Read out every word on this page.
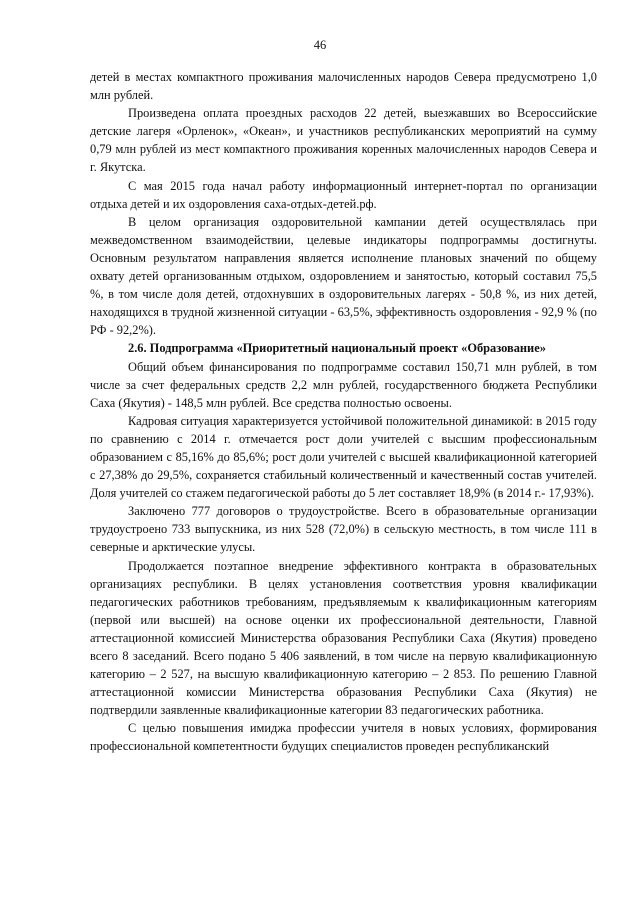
46

детей в местах компактного проживания малочисленных народов Севера предусмотрено 1,0 млн рублей.

Произведена оплата проездных расходов 22 детей, выезжавших во Всероссийские детские лагеря «Орленок», «Океан», и участников республиканских мероприятий на сумму 0,79 млн рублей из мест компактного проживания коренных малочисленных народов Севера и г. Якутска.

С мая 2015 года начал работу информационный интернет-портал по организации отдыха детей и их оздоровления саха-отдых-детей.рф.

В целом организация оздоровительной кампании детей осуществлялась при межведомственном взаимодействии, целевые индикаторы подпрограммы достигнуты. Основным результатом направления является исполнение плановых значений по общему охвату детей организованным отдыхом, оздоровлением и занятостью, который составил 75,5 %, в том числе доля детей, отдохнувших в оздоровительных лагерях - 50,8 %, из них детей, находящихся в трудной жизненной ситуации - 63,5%, эффективность оздоровления - 92,9 % (по РФ - 92,2%).

2.6. Подпрограмма «Приоритетный национальный проект «Образование»

Общий объем финансирования по подпрограмме составил 150,71 млн рублей, в том числе за счет федеральных средств 2,2 млн рублей, государственного бюджета Республики Саха (Якутия) - 148,5 млн рублей. Все средства полностью освоены.

Кадровая ситуация характеризуется устойчивой положительной динамикой: в 2015 году по сравнению с 2014 г. отмечается рост доли учителей с высшим профессиональным образованием с 85,16% до 85,6%; рост доли учителей с высшей квалификационной категорией с 27,38% до 29,5%, сохраняется стабильный количественный и качественный состав учителей. Доля учителей со стажем педагогической работы до 5 лет составляет 18,9% (в 2014 г.- 17,93%).

Заключено 777 договоров о трудоустройстве. Всего в образовательные организации трудоустроено 733 выпускника, из них 528 (72,0%) в сельскую местность, в том числе 111 в северные и арктические улусы.

Продолжается поэтапное внедрение эффективного контракта в образовательных организациях республики. В целях установления соответствия уровня квалификации педагогических работников требованиям, предъявляемым к квалификационным категориям (первой или высшей) на основе оценки их профессиональной деятельности, Главной аттестационной комиссией Министерства образования Республики Саха (Якутия) проведено всего 8 заседаний. Всего подано 5 406 заявлений, в том числе на первую квалификационную категорию – 2 527, на высшую квалификационную категорию – 2 853. По решению Главной аттестационной комиссии Министерства образования Республики Саха (Якутия) не подтвердили заявленные квалификационные категории 83 педагогических работника.

С целью повышения имиджа профессии учителя в новых условиях, формирования профессиональной компетентности будущих специалистов проведен республиканский
